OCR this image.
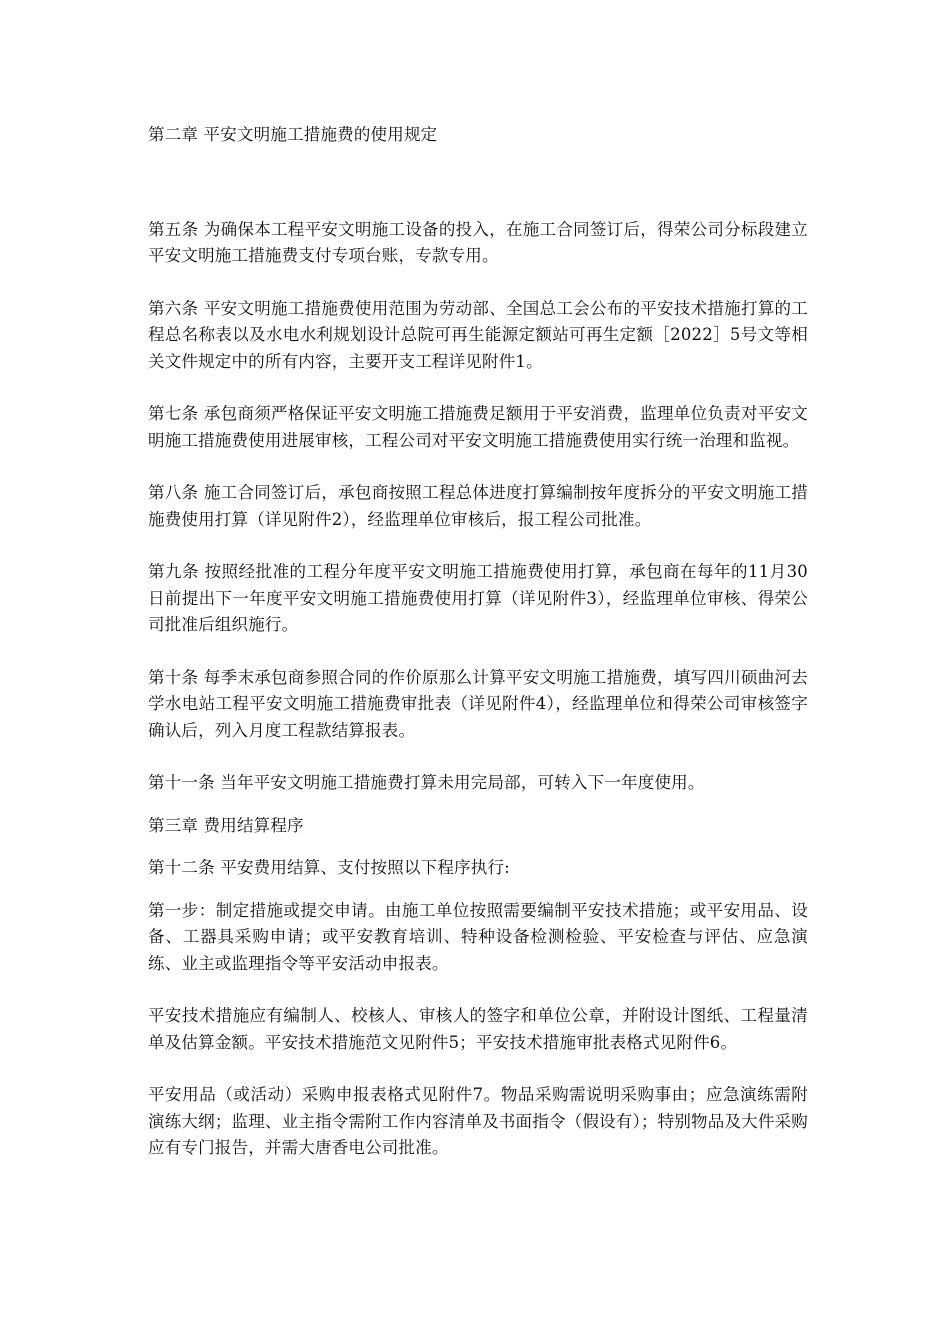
第二章 平安文明施工措施费的使用规定

第五条 为确保本工程平安文明施工设备的投入，在施工合同签订后，得荣公司分标段建立平安文明施工措施费支付专项台账，专款专用。

第六条 平安文明施工措施费使用范围为劳动部、全国总工会公布的平安技术措施打算的工程总名称表以及水电水利规划设计总院可再生能源定额站可再生定额［2022］5号文等相关文件规定中的所有内容，主要开支工程详见附件1。

第七条 承包商须严格保证平安文明施工措施费足额用于平安消费，监理单位负责对平安文明施工措施费使用进展审核，工程公司对平安文明施工措施费使用实行统一治理和监视。

第八条 施工合同签订后，承包商按照工程总体进度打算编制按年度拆分的平安文明施工措施费使用打算（详见附件2），经监理单位审核后，报工程公司批准。

第九条 按照经批准的工程分年度平安文明施工措施费使用打算，承包商在每年的11月30日前提出下一年度平安文明施工措施费使用打算（详见附件3），经监理单位审核、得荣公司批准后组织施行。

第十条 每季末承包商参照合同的作价原那么计算平安文明施工措施费，填写四川硕曲河去学水电站工程平安文明施工措施费审批表（详见附件4），经监理单位和得荣公司审核签字确认后，列入月度工程款结算报表。

第十一条 当年平安文明施工措施费打算未用完局部，可转入下一年度使用。

第三章 费用结算程序

第十二条 平安费用结算、支付按照以下程序执行:

第一步：制定措施或提交申请。由施工单位按照需要编制平安技术措施；或平安用品、设备、工器具采购申请；或平安教育培训、特种设备检测检验、平安检查与评估、应急演练、业主或监理指令等平安活动申报表。

平安技术措施应有编制人、校核人、审核人的签字和单位公章，并附设计图纸、工程量清单及估算金额。平安技术措施范文见附件5；平安技术措施审批表格式见附件6。

平安用品（或活动）采购申报表格式见附件7。物品采购需说明采购事由；应急演练需附演练大纲；监理、业主指令需附工作内容清单及书面指令（假设有）；特别物品及大件采购应有专门报告，并需大唐香电公司批准。
